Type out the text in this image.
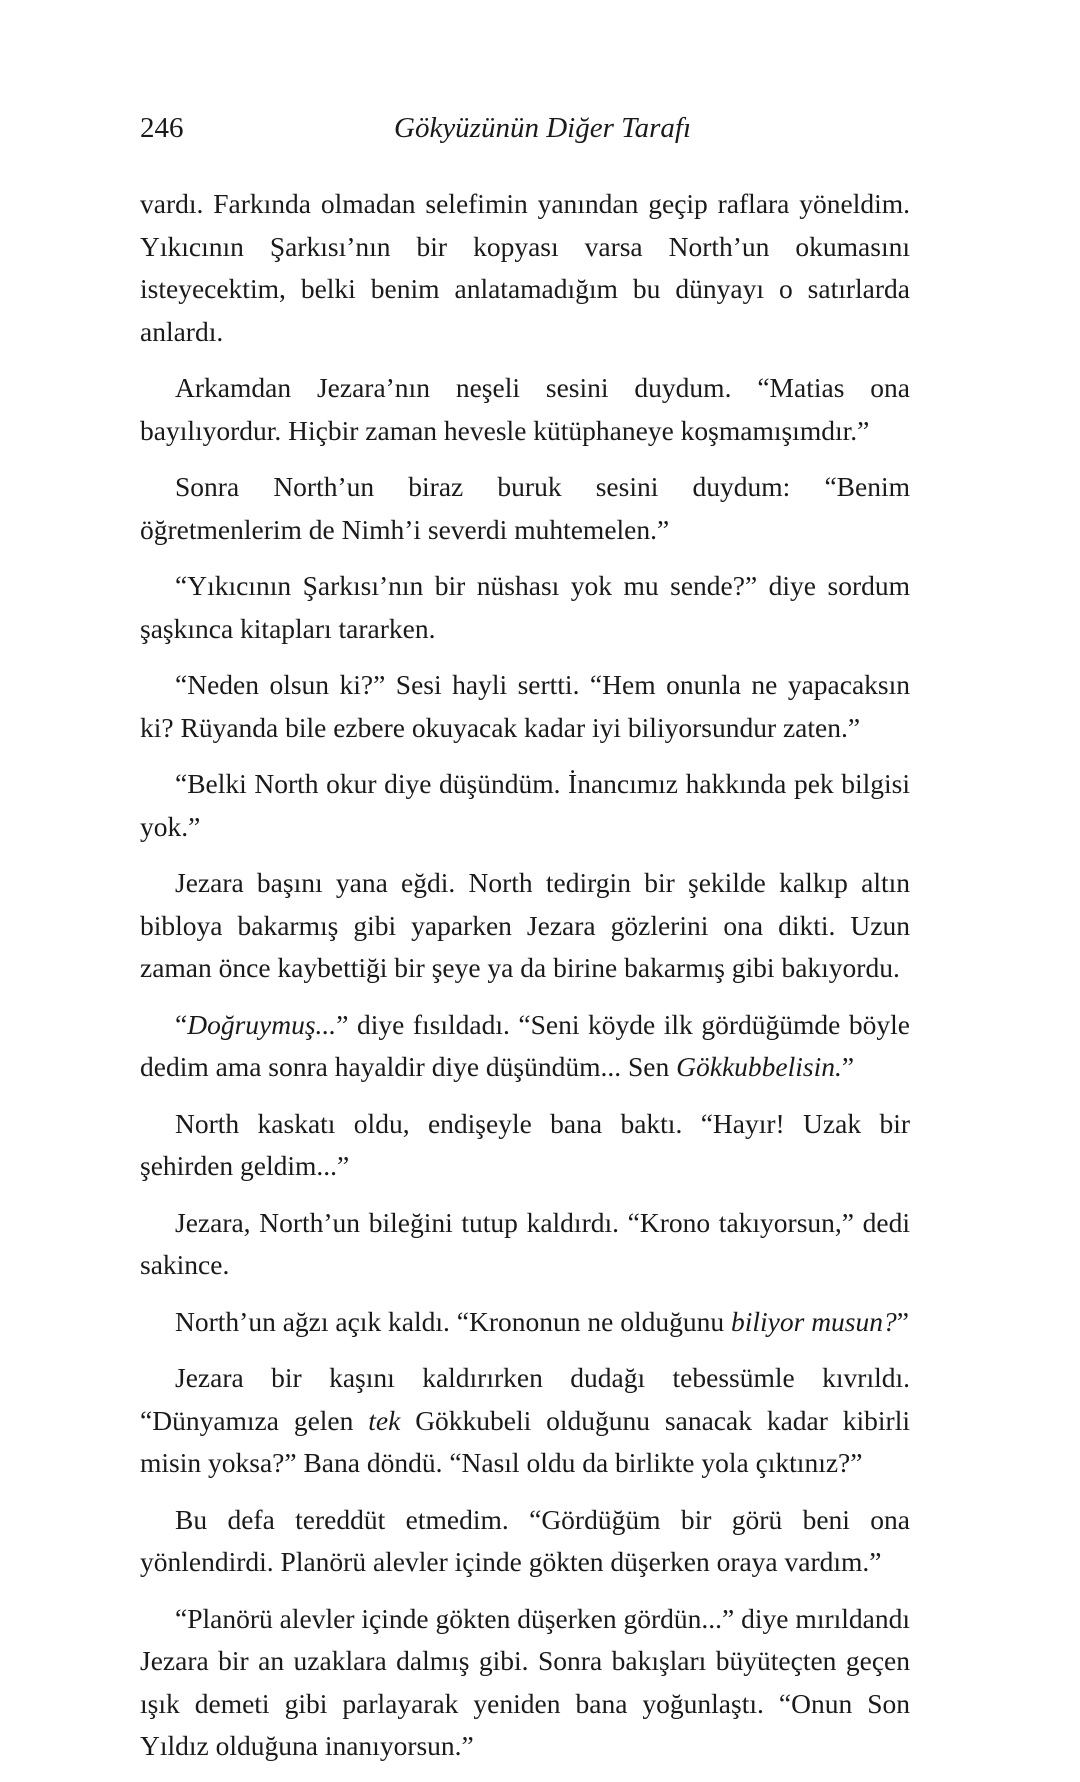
246	Gökyüzünün Diğer Tarafı

vardı. Farkında olmadan selefimin yanından geçip raflara yöneldim. Yıkıcının Şarkısı’nın bir kopyası varsa North’un okumasını isteyecektim, belki benim anlatamadığım bu dünyayı o satırlarda anlardı.

Arkamdan Jezara’nın neşeli sesini duydum. “Matias ona bayılıyordur. Hiçbir zaman hevesle kütüphaneye koşmamışımdır.”

Sonra North’un biraz buruk sesini duydum: “Benim öğretmenlerim de Nimh’i severdi muhtemelen.”

“Yıkıcının Şarkısı’nın bir nüshası yok mu sende?” diye sordum şaşkınca kitapları tararken.

“Neden olsun ki?” Sesi hayli sertti. “Hem onunla ne yapacaksın ki? Rüyanda bile ezbere okuyacak kadar iyi biliyorsundur zaten.”

“Belki North okur diye düşündüm. İnancımız hakkında pek bilgisi yok.”

Jezara başını yana eğdi. North tedirgin bir şekilde kalkıp altın bibloya bakarmış gibi yaparken Jezara gözlerini ona dikti. Uzun zaman önce kaybettiği bir şeye ya da birine bakarmış gibi bakıyordu.

“Doğruymuş...” diye fısıldadı. “Seni köyde ilk gördüğümde böyle dedim ama sonra hayaldir diye düşündüm... Sen Gökkubbelisin.”

North kaskatı oldu, endişeyle bana baktı. “Hayır! Uzak bir şehirden geldim...”

Jezara, North’un bileğini tutup kaldırdı. “Krono takıyorsun,” dedi sakince.

North’un ağzı açık kaldı. “Krononun ne olduğunu biliyor musun?”

Jezara bir kaşını kaldırırken dudağı tebessümle kıvrıldı. “Dünyamıza gelen tek Gökkubeli olduğunu sanacak kadar kibirli misin yoksa?” Bana döndü. “Nasıl oldu da birlikte yola çıktınız?”

Bu defa tereddüt etmedim. “Gördüğüm bir görü beni ona yönlendirdi. Planörü alevler içinde gökten düşerken oraya vardım.”

“Planörü alevler içinde gökten düşerken gördün...” diye mırıldandı Jezara bir an uzaklara dalmış gibi. Sonra bakışları büyüteçten geçen ışık demeti gibi parlayarak yeniden bana yoğunlaştı. “Onun Son Yıldız olduğuna inanıyorsun.”
